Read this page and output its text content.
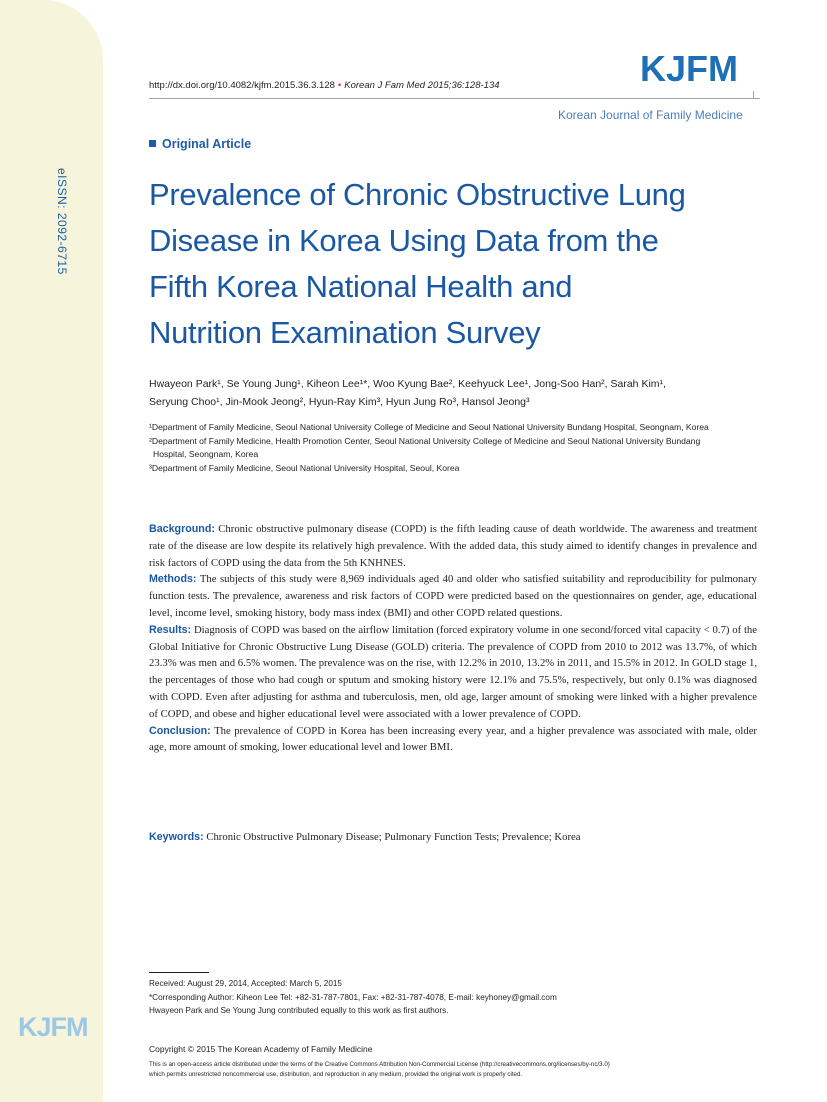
eISSN: 2092-6715
KJFM
http://dx.doi.org/10.4082/kjfm.2015.36.3.128 • Korean J Fam Med 2015;36:128-134	KJFM
Korean Journal of Family Medicine
Original Article
Prevalence of Chronic Obstructive Lung
Disease in Korea Using Data from the
Fifth Korea National Health and
Nutrition Examination Survey
Hwayeon Park¹, Se Young Jung¹, Kiheon Lee¹*, Woo Kyung Bae², Keehyuck Lee¹, Jong-Soo Han², Sarah Kim¹,
Seryung Choo¹, Jin-Mook Jeong², Hyun-Ray Kim³, Hyun Jung Ro³, Hansol Jeong³
¹Department of Family Medicine, Seoul National University College of Medicine and Seoul National University Bundang Hospital, Seongnam, Korea
²Department of Family Medicine, Health Promotion Center, Seoul National University College of Medicine and Seoul National University Bundang
Hospital, Seongnam, Korea
³Department of Family Medicine, Seoul National University Hospital, Seoul, Korea

Background: Chronic obstructive pulmonary disease (COPD) is the fifth leading cause of death worldwide. The awareness and treatment rate of the disease are low despite its relatively high prevalence. With the added data, this study aimed to identify changes in prevalence and risk factors of COPD using the data from the 5th KNHNES.

Methods: The subjects of this study were 8,969 individuals aged 40 and older who satisfied suitability and reproducibility for pulmonary function tests. The prevalence, awareness and risk factors of COPD were predicted based on the questionnaires on gender, age, educational level, income level, smoking history, body mass index (BMI) and other COPD related questions.

Results: Diagnosis of COPD was based on the airflow limitation (forced expiratory volume in one second/forced vital capacity < 0.7) of the Global Initiative for Chronic Obstructive Lung Disease (GOLD) criteria. The prevalence of COPD from 2010 to 2012 was 13.7%, of which 23.3% was men and 6.5% women. The prevalence was on the rise, with 12.2% in 2010, 13.2% in 2011, and 15.5% in 2012. In GOLD stage 1, the percentages of those who had cough or sputum and smoking history were 12.1% and 75.5%, respectively, but only 0.1% was diagnosed with COPD. Even after adjusting for asthma and tuberculosis, men, old age, larger amount of smoking were linked with a higher prevalence of COPD, and obese and higher educational level were associated with a lower prevalence of COPD.

Conclusion: The prevalence of COPD in Korea has been increasing every year, and a higher prevalence was associated with male, older age, more amount of smoking, lower educational level and lower BMI.

Keywords: Chronic Obstructive Pulmonary Disease; Pulmonary Function Tests; Prevalence; Korea
Received: August 29, 2014, Accepted: March 5, 2015
*Corresponding Author: Kiheon Lee Tel: +82-31-787-7801, Fax: +82-31-787-4078, E-mail: keyhoney@gmail.com
Hwayeon Park and Se Young Jung contributed equally to this work as first authors.
Copyright © 2015 The Korean Academy of Family Medicine
This is an open-access article distributed under the terms of the Creative Commons Attribution Non-Commercial License (http://creativecommons.org/licenses/by-nc/3.0)
which permits unrestricted noncommercial use, distribution, and reproduction in any medium, provided the original work is properly cited.
